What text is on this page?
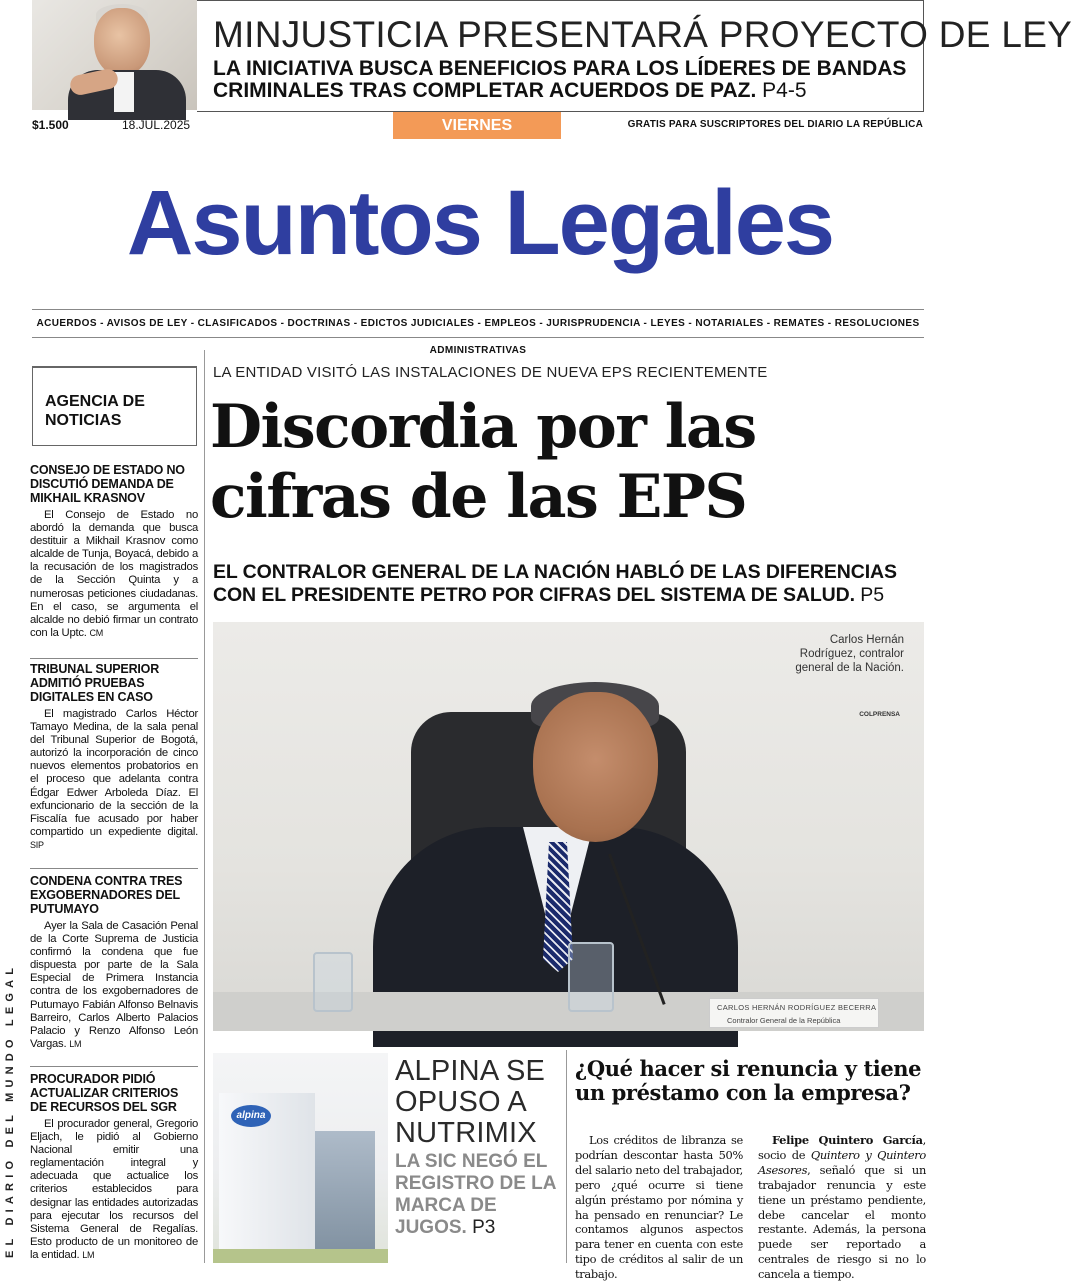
MINJUSTICIA PRESENTARÁ PROYECTO DE LEY
LA INICIATIVA BUSCA BENEFICIOS PARA LOS LÍDERES DE BANDAS CRIMINALES TRAS COMPLETAR ACUERDOS DE PAZ. P4-5
$1.500	18.JUL.2025	VIERNES	GRATIS PARA SUSCRIPTORES DEL DIARIO LA REPÚBLICA
Asuntos Legales
ACUERDOS - AVISOS DE LEY - CLASIFICADOS - DOCTRINAS - EDICTOS JUDICIALES - EMPLEOS - JURISPRUDENCIA - LEYES - NOTARIALES - REMATES - RESOLUCIONES ADMINISTRATIVAS
AGENCIA DE NOTICIAS
EL DIARIO DEL MUNDO LEGAL
CONSEJO DE ESTADO NO DISCUTIÓ DEMANDA DE MIKHAIL KRASNOV
El Consejo de Estado no abordó la demanda que busca destituir a Mikhail Krasnov como alcalde de Tunja, Boyacá, debido a la recusación de los magistrados de la Sección Quinta y a numerosas peticiones ciudadanas. En el caso, se argumenta el alcalde no debió firmar un contrato con la Uptc. CM
TRIBUNAL SUPERIOR ADMITIÓ PRUEBAS DIGITALES EN CASO
El magistrado Carlos Héctor Tamayo Medina, de la sala penal del Tribunal Superior de Bogotá, autorizó la incorporación de cinco nuevos elementos probatorios en el proceso que adelanta contra Édgar Edwer Arboleda Díaz. El exfuncionario de la sección de la Fiscalía fue acusado por haber compartido un expediente digital. SIP
CONDENA CONTRA TRES EXGOBERNADORES DEL PUTUMAYO
Ayer la Sala de Casación Penal de la Corte Suprema de Justicia confirmó la condena que fue dispuesta por parte de la Sala Especial de Primera Instancia contra de los exgobernadores de Putumayo Fabián Alfonso Belnavis Barreiro, Carlos Alberto Palacios Palacio y Renzo Alfonso León Vargas. LM
PROCURADOR PIDIÓ ACTUALIZAR CRITERIOS DE RECURSOS DEL SGR
El procurador general, Gregorio Eljach, le pidió al Gobierno Nacional emitir una reglamentación integral y adecuada que actualice los criterios establecidos para designar las entidades autorizadas para ejecutar los recursos del Sistema General de Regalías. Esto producto de un monitoreo de la entidad. LM
LA ENTIDAD VISITÓ LAS INSTALACIONES DE NUEVA EPS RECIENTEMENTE
Discordia por las cifras de las EPS
EL CONTRALOR GENERAL DE LA NACIÓN HABLÓ DE LAS DIFERENCIAS CON EL PRESIDENTE PETRO POR CIFRAS DEL SISTEMA DE SALUD. P5
CARLOS HERNÁN RODRÍGUEZ BECERRA
Contralor General de la República
Carlos Hernán Rodríguez, contralor general de la Nación.
COLPRENSA
alpina
ALPINA SE OPUSO A NUTRIMIX
LA SIC NEGÓ EL REGISTRO DE LA MARCA DE JUGOS. P3
¿Qué hacer si renuncia y tiene un préstamo con la empresa?
Los créditos de libranza se podrían descontar hasta 50% del salario neto del trabajador, pero ¿qué ocurre si tiene algún préstamo por nómina y ha pensado en renunciar? Le contamos algunos aspectos para tener en cuenta con este tipo de créditos al salir de un trabajo.
Felipe Quintero García, socio de Quintero y Quintero Asesores, señaló que si un trabajador renuncia y este tiene un préstamo pendiente, debe cancelar el monto restante. Además, la persona puede ser reportado a centrales de riesgo si no lo cancela a tiempo.
